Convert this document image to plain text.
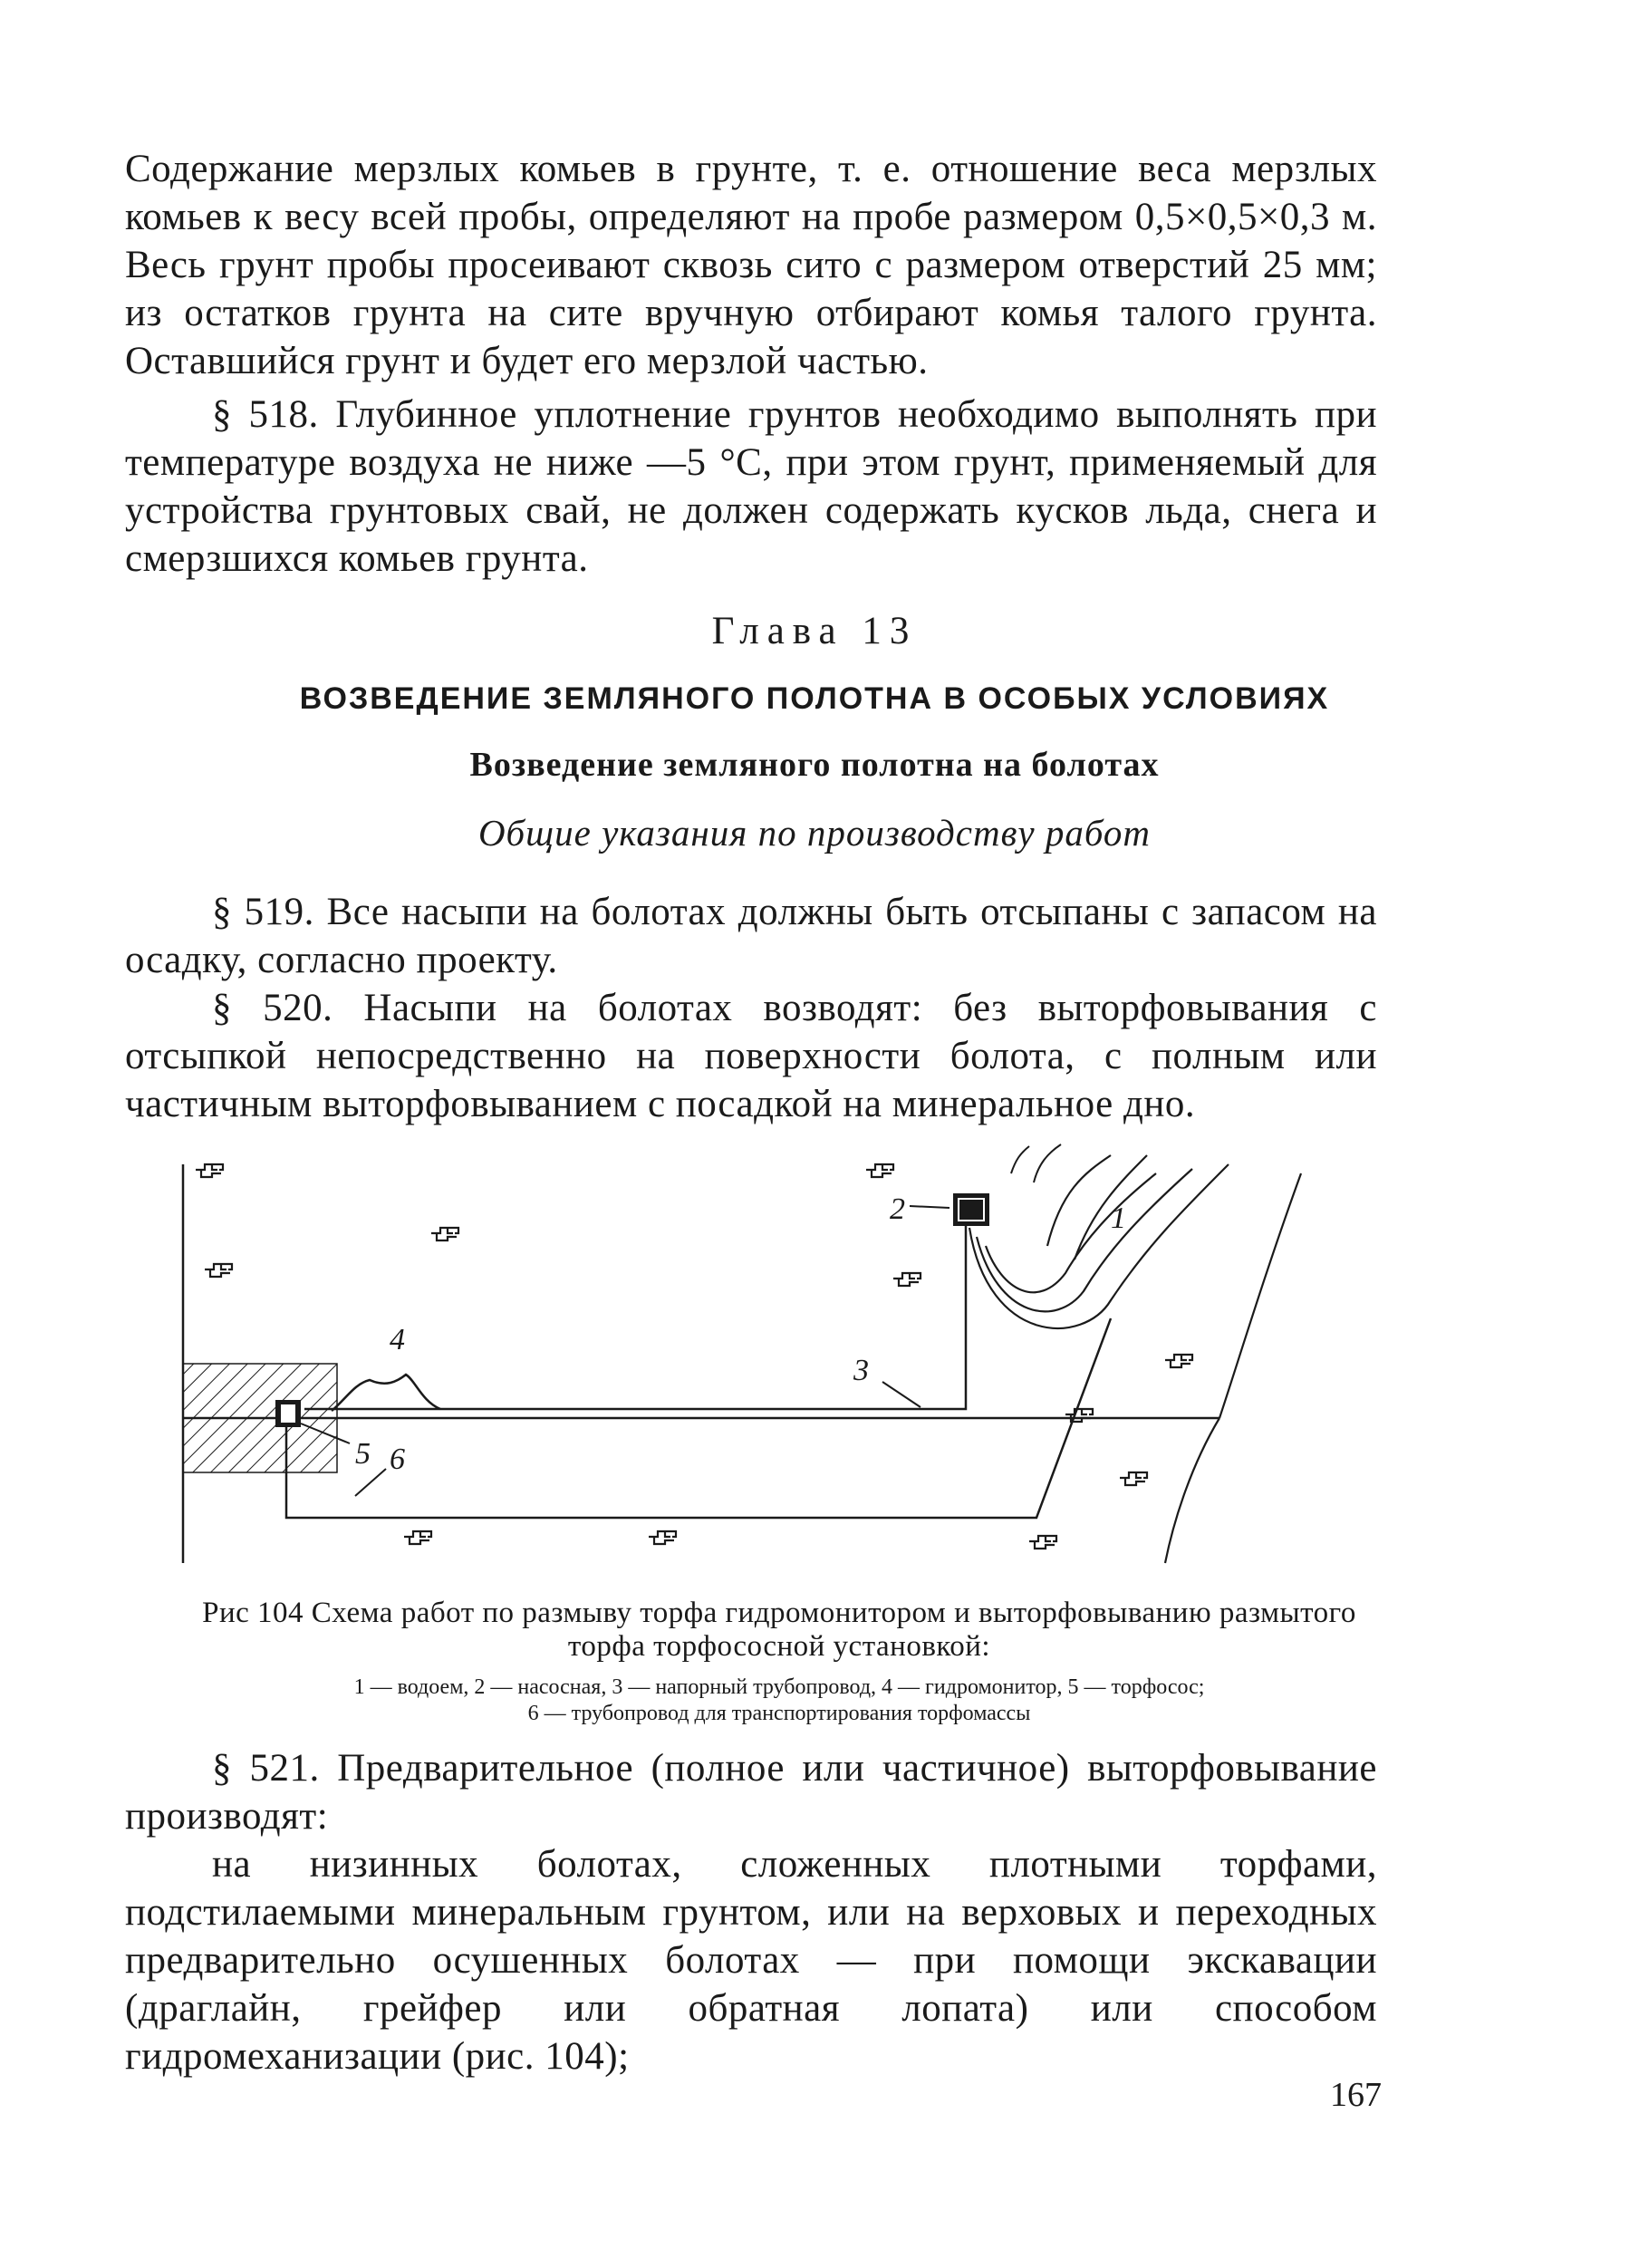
Содержание мерзлых комьев в грунте, т. е. отношение веса мерзлых комьев к весу всей пробы, определяют на пробе размером 0,5×0,5×0,3 м. Весь грунт пробы просеивают сквозь сито с размером отверстий 25 мм; из остатков грунта на сите вручную отбирают комья талого грунта. Оставшийся грунт и будет его мерзлой частью.

§ 518. Глубинное уплотнение грунтов необходимо выполнять при температуре воздуха не ниже —5 °С, при этом грунт, применяемый для устройства грунтовых свай, не должен содержать кусков льда, снега и смерзшихся комьев грунта.

Глава 13
ВОЗВЕДЕНИЕ ЗЕМЛЯНОГО ПОЛОТНА В ОСОБЫХ УСЛОВИЯХ
Возведение земляного полотна на болотах
Общие указания по производству работ

§ 519. Все насыпи на болотах должны быть отсыпаны с запасом на осадку, согласно проекту.

§ 520. Насыпи на болотах возводят: без выторфовывания с отсыпкой непосредственно на поверхности болота, с полным или частичным выторфовыванием с посадкой на минеральное дно.

1
2
3
4
5 6
Рис 104 Схема работ по размыву торфа гидромонитором и выторфовыванию размытого торфа торфососной установкой:
1 — водоем, 2 — насосная, 3 — напорный трубопровод, 4 — гидромонитор, 5 — торфосос;
6 — трубопровод для транспортирования торфомассы

§ 521. Предварительное (полное или частичное) выторфовывание производят:

на низинных болотах, сложенных плотными торфами, подстилаемыми минеральным грунтом, или на верховых и переходных предварительно осушенных болотах — при помощи экскавации (драглайн, грейфер или обратная лопата) или способом гидромеханизации (рис. 104);

167
